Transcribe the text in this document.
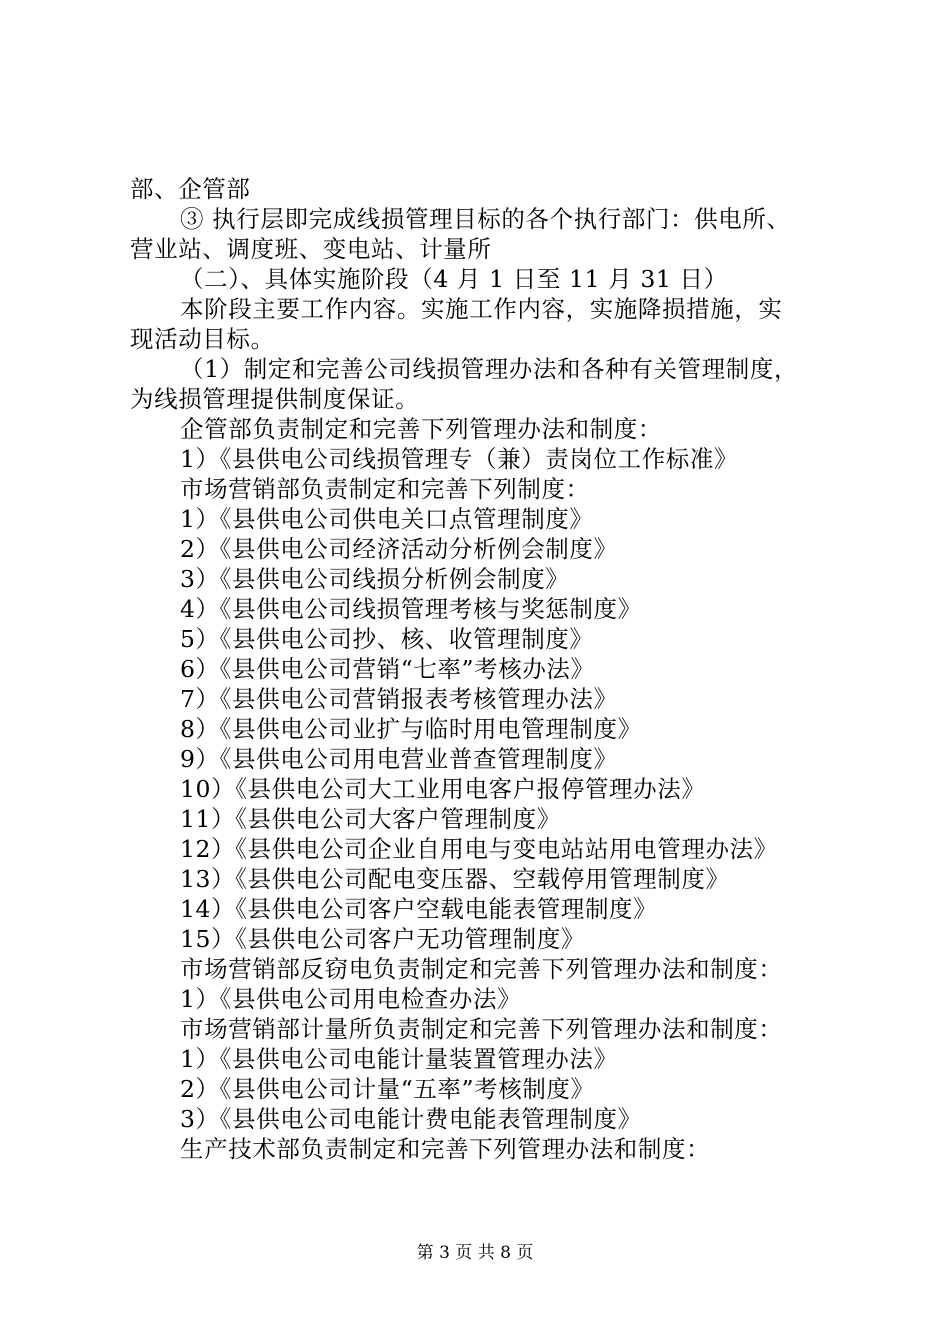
部、企管部
③ 执行层即完成线损管理目标的各个执行部门：供电所、
营业站、调度班、变电站、计量所
（二）、具体实施阶段（4 月 1 日至 11 月 31 日）
本阶段主要工作内容。实施工作内容，实施降损措施，实
现活动目标。
（1）制定和完善公司线损管理办法和各种有关管理制度，
为线损管理提供制度保证。
企管部负责制定和完善下列管理办法和制度：
1）《县供电公司线损管理专（兼）责岗位工作标准》
市场营销部负责制定和完善下列制度：
1）《县供电公司供电关口点管理制度》
2）《县供电公司经济活动分析例会制度》
3）《县供电公司线损分析例会制度》
4）《县供电公司线损管理考核与奖惩制度》
5）《县供电公司抄、核、收管理制度》
6）《县供电公司营销“七率”考核办法》
7）《县供电公司营销报表考核管理办法》
8）《县供电公司业扩与临时用电管理制度》
9）《县供电公司用电营业普查管理制度》
10）《县供电公司大工业用电客户报停管理办法》
11）《县供电公司大客户管理制度》
12）《县供电公司企业自用电与变电站站用电管理办法》
13）《县供电公司配电变压器、空载停用管理制度》
14）《县供电公司客户空载电能表管理制度》
15）《县供电公司客户无功管理制度》
市场营销部反窃电负责制定和完善下列管理办法和制度：
1）《县供电公司用电检查办法》
市场营销部计量所负责制定和完善下列管理办法和制度：
1）《县供电公司电能计量装置管理办法》
2）《县供电公司计量“五率”考核制度》
3）《县供电公司电能计费电能表管理制度》
生产技术部负责制定和完善下列管理办法和制度：
第 3 页 共 8 页
